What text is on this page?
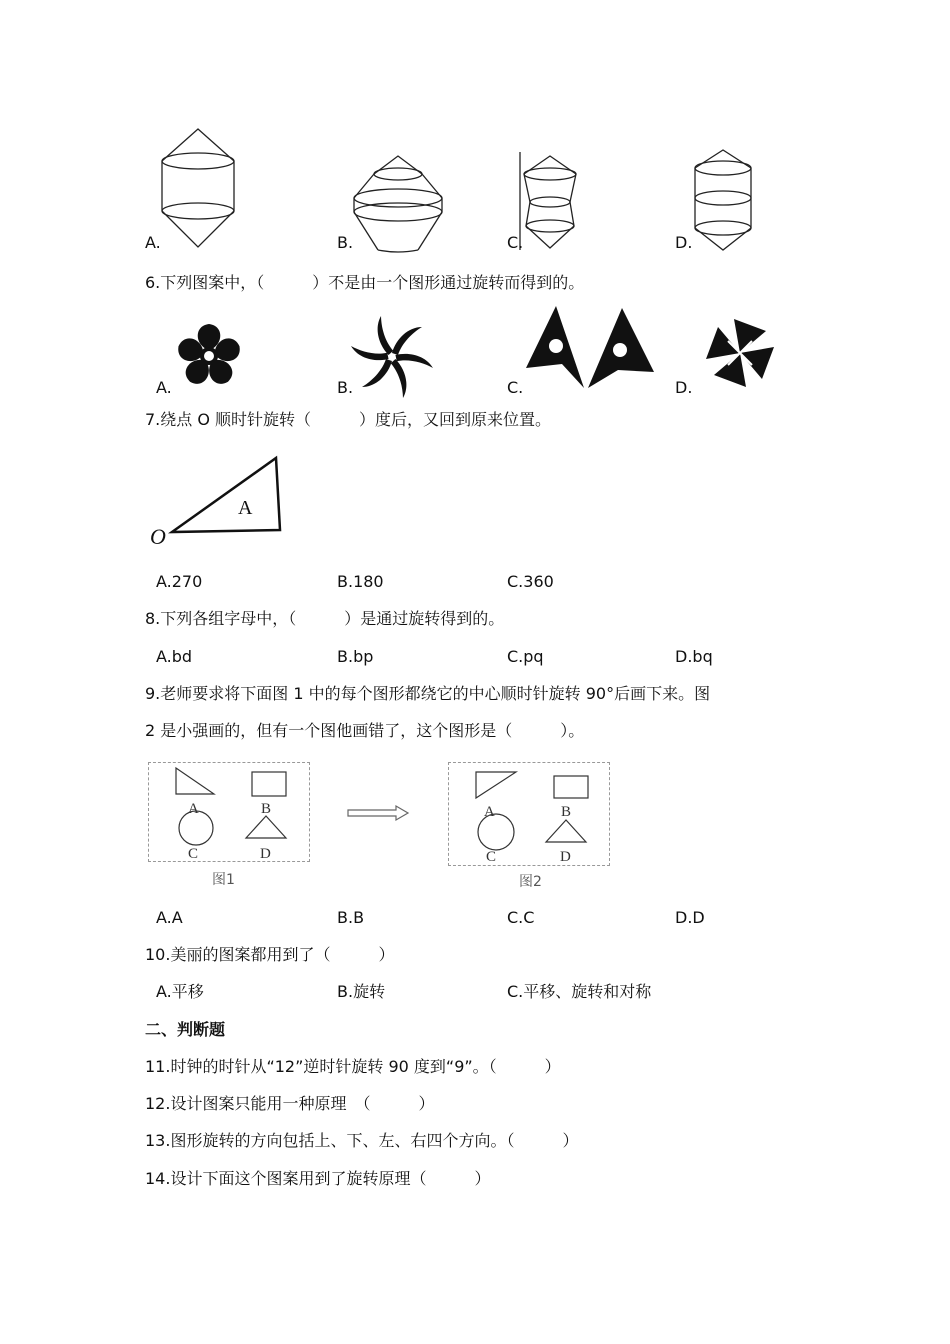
A.	B.	C.	D.
6.下列图案中，（　　　）不是由一个图形通过旋转而得到的。
A.	B.	C.	D.
7.绕点 O 顺时针旋转（　　　）度后，又回到原来位置。
A
O
A.270	B.180	C.360
8.下列各组字母中，（　　　）是通过旋转得到的。
A.bd	B.bp	C.pq	D.bq
9.老师要求将下面图 1 中的每个图形都绕它的中心顺时针旋转 90°后画下来。图
2 是小强画的，但有一个图他画错了，这个图形是（　　　）。
A	B
C	D
图1
A	B
C	D
图2
A.A	B.B	C.C	D.D
10.美丽的图案都用到了（　　　）
A.平移	B.旋转	C.平移、旋转和对称
二、判断题
11.时钟的时针从“12”逆时针旋转 90 度到“9”。（　　　）
12.设计图案只能用一种原理　（　　　）
13.图形旋转的方向包括上、下、左、右四个方向。（　　　）
14.设计下面这个图案用到了旋转原理（　　　）
